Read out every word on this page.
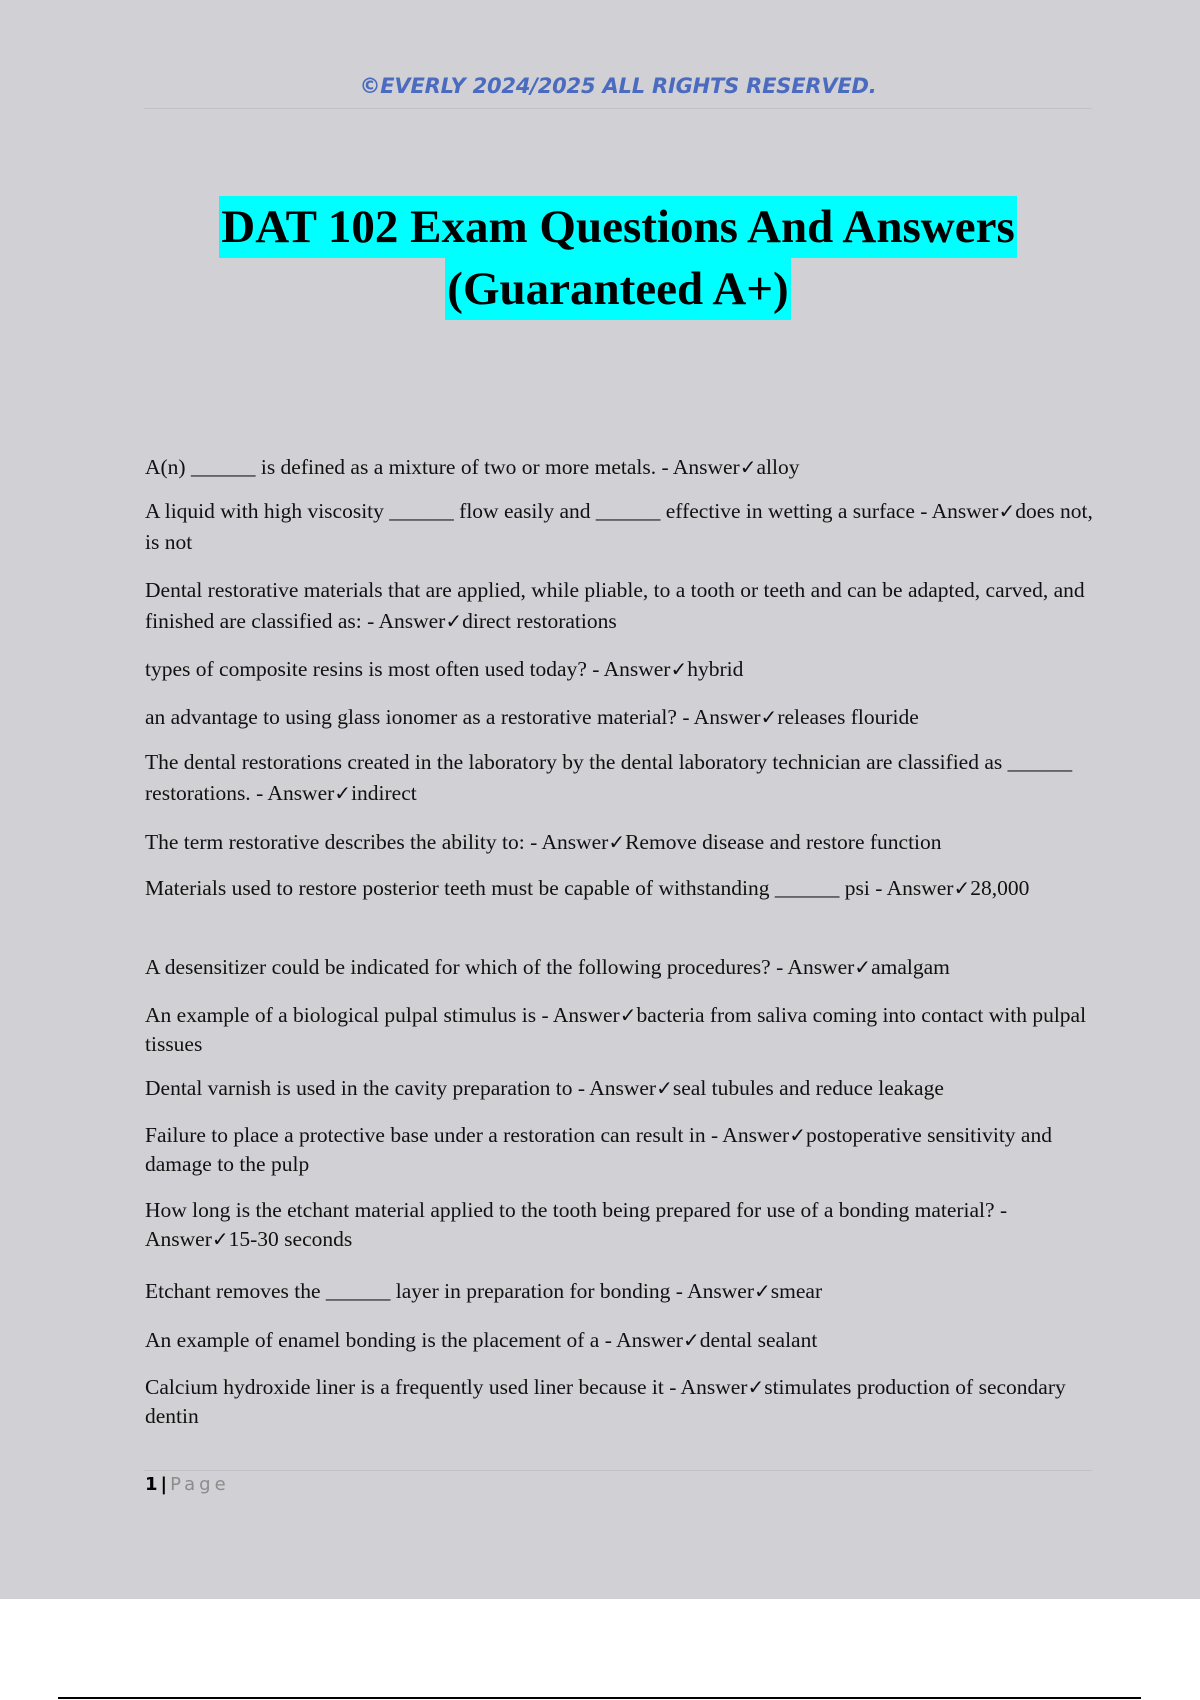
©EVERLY 2024/2025 ALL RIGHTS RESERVED.
DAT 102 Exam Questions And Answers
(Guaranteed A+)
A(n) ______ is defined as a mixture of two or more metals. - Answer✓alloy
A liquid with high viscosity ______ flow easily and ______ effective in wetting a surface - Answer✓does not, is not
Dental restorative materials that are applied, while pliable, to a tooth or teeth and can be adapted, carved, and finished are classified as: - Answer✓direct restorations
types of composite resins is most often used today? - Answer✓hybrid
an advantage to using glass ionomer as a restorative material? - Answer✓releases flouride
The dental restorations created in the laboratory by the dental laboratory technician are classified as ______ restorations. - Answer✓indirect
The term restorative describes the ability to: - Answer✓Remove disease and restore function
Materials used to restore posterior teeth must be capable of withstanding ______ psi - Answer✓28,000
A desensitizer could be indicated for which of the following procedures? - Answer✓amalgam
An example of a biological pulpal stimulus is - Answer✓bacteria from saliva coming into contact with pulpal tissues
Dental varnish is used in the cavity preparation to - Answer✓seal tubules and reduce leakage
Failure to place a protective base under a restoration can result in - Answer✓postoperative sensitivity and damage to the pulp
How long is the etchant material applied to the tooth being prepared for use of a bonding material? - Answer✓15-30 seconds
Etchant removes the ______ layer in preparation for bonding - Answer✓smear
An example of enamel bonding is the placement of a - Answer✓dental sealant
Calcium hydroxide liner is a frequently used liner because it - Answer✓stimulates production of secondary dentin
1 | Page
